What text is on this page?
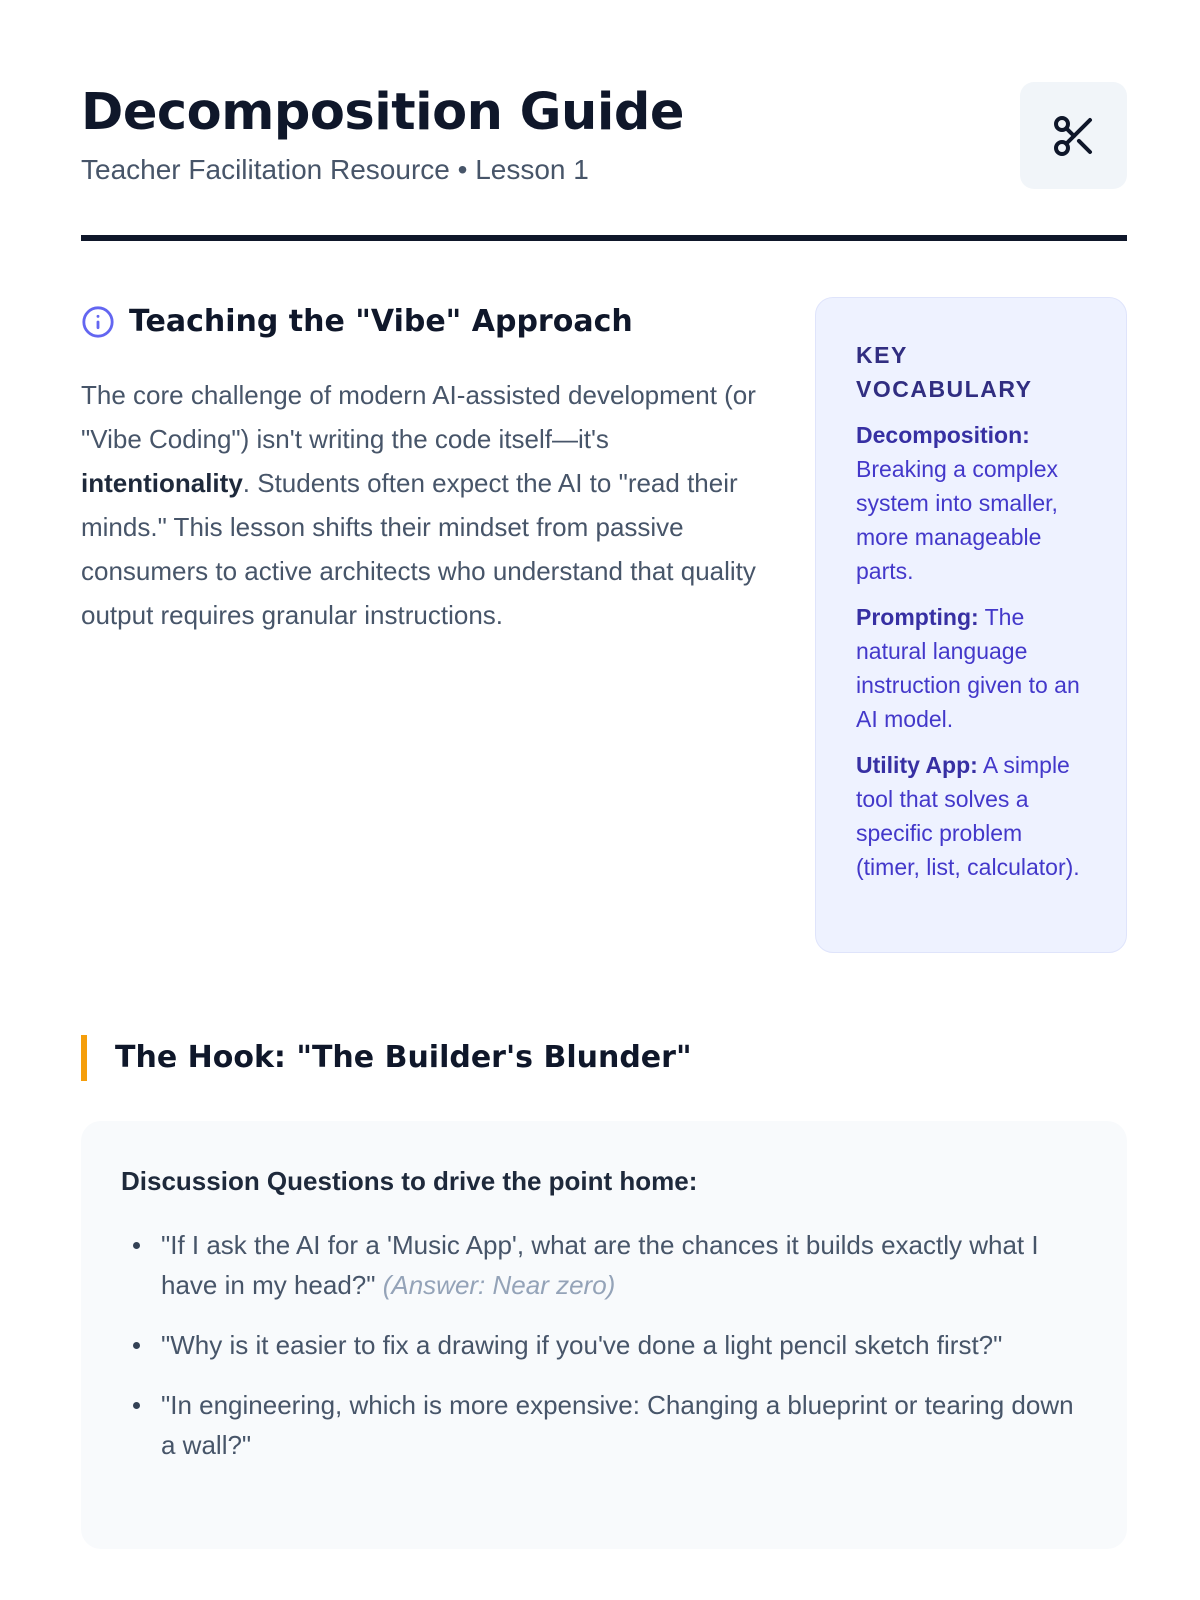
Decomposition Guide
Teacher Facilitation Resource • Lesson 1
Teaching the "Vibe" Approach

The core challenge of modern AI-assisted development (or "Vibe Coding") isn't writing the code itself—it's intentionality. Students often expect the AI to "read their minds." This lesson shifts their mindset from passive consumers to active architects who understand that quality output requires granular instructions.

KEY VOCABULARY
Decomposition: Breaking a complex system into smaller, more manageable parts.
Prompting: The natural language instruction given to an AI model.
Utility App: A simple tool that solves a specific problem (timer, list, calculator).
The Hook: "The Builder's Blunder"
Discussion Questions to drive the point home:
"If I ask the AI for a 'Music App', what are the chances it builds exactly what I have in my head?" (Answer: Near zero)
"Why is it easier to fix a drawing if you've done a light pencil sketch first?"
"In engineering, which is more expensive: Changing a blueprint or tearing down a wall?"
